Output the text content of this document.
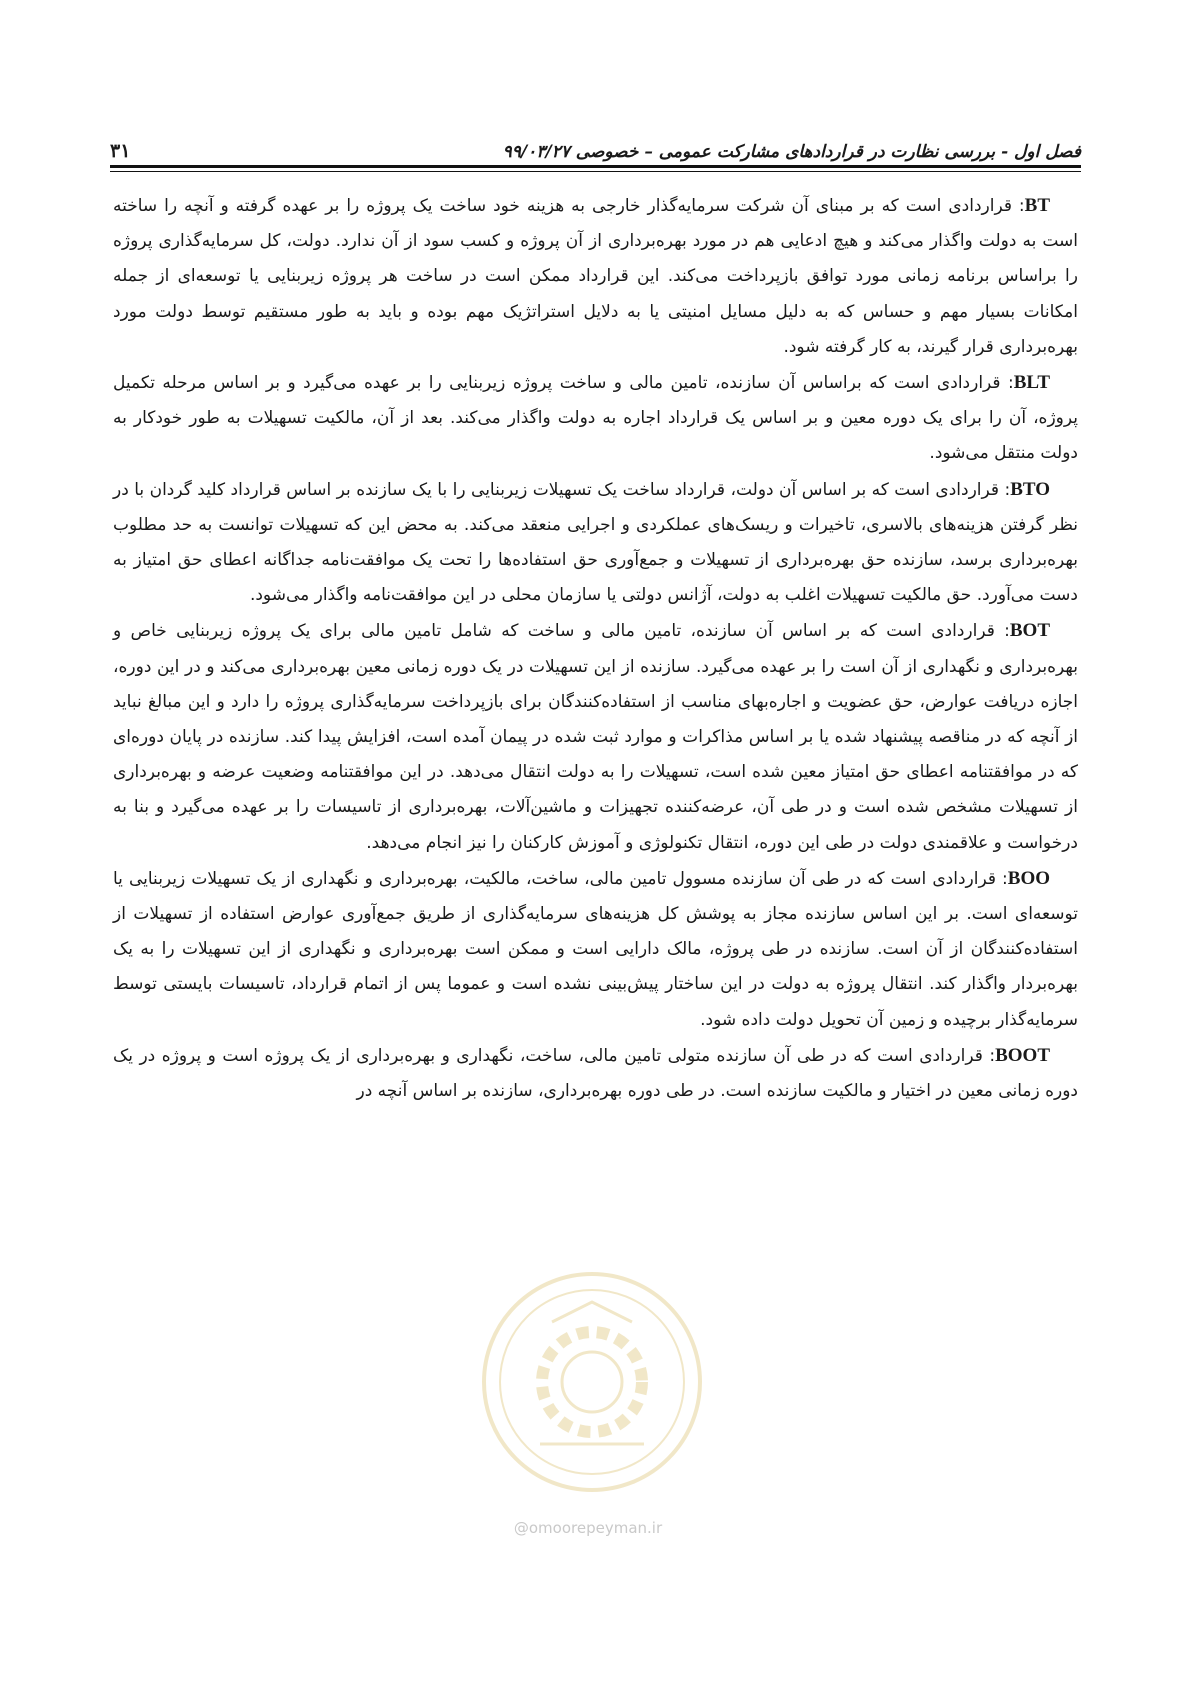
فصل اول - بررسی نظارت در قراردادهای مشارکت عمومی – خصوصی ۹۹/۰۳/۲۷
۳۱

BT: قراردادی است که بر مبنای آن شرکت سرمایه‌گذار خارجی به هزینه خود ساخت یک پروژه را بر عهده گرفته و آنچه را ساخته است به دولت واگذار می‌کند و هیچ ادعایی هم در مورد بهره‌برداری از آن پروژه و کسب سود از آن ندارد. دولت، کل سرمایه‌گذاری پروژه را براساس برنامه زمانی مورد توافق بازپرداخت می‌کند. این قرارداد ممکن است در ساخت هر پروژه زیربنایی یا توسعه‌ای از جمله امکانات بسیار مهم و حساس که به دلیل مسایل امنیتی یا به دلایل استراتژیک مهم بوده و باید به طور مستقیم توسط دولت مورد بهره‌برداری قرار گیرند، به کار گرفته شود.

BLT: قراردادی است که براساس آن سازنده، تامین مالی و ساخت پروژه زیربنایی را بر عهده می‌گیرد و بر اساس مرحله تکمیل پروژه، آن را برای یک دوره معین و بر اساس یک قرارداد اجاره به دولت واگذار می‌کند. بعد از آن، مالکیت تسهیلات به طور خودکار به دولت منتقل می‌شود.

BTO: قراردادی است که بر اساس آن دولت، قرارداد ساخت یک تسهیلات زیربنایی را با یک سازنده بر اساس قرارداد کلید گردان با در نظر گرفتن هزینه‌های بالاسری، تاخیرات و ریسک‌های عملکردی و اجرایی منعقد می‌کند. به محض این که تسهیلات توانست به حد مطلوب بهره‌برداری برسد، سازنده حق بهره‌برداری از تسهیلات و جمع‌آوری حق استفاده‌ها را تحت یک موافقت‌نامه جداگانه اعطای حق امتیاز به دست می‌آورد. حق مالکیت تسهیلات اغلب به دولت، آژانس دولتی یا سازمان محلی در این موافقت‌نامه واگذار می‌شود.

BOT: قراردادی است که بر اساس آن سازنده، تامین مالی و ساخت که شامل تامین مالی برای یک پروژه زیربنایی خاص و بهره‌برداری و نگهداری از آن است را بر عهده می‌گیرد. سازنده از این تسهیلات در یک دوره زمانی معین بهره‌برداری می‌کند و در این دوره، اجازه دریافت عوارض، حق عضویت و اجاره‌بهای مناسب از استفاده‌کنندگان برای بازپرداخت سرمایه‌گذاری پروژه را دارد و این مبالغ نباید از آنچه که در مناقصه پیشنهاد شده یا بر اساس مذاکرات و موارد ثبت شده در پیمان آمده است، افزایش پیدا کند. سازنده در پایان دوره‌ای که در موافقتنامه اعطای حق امتیاز معین شده است، تسهیلات را به دولت انتقال می‌دهد. در این موافقتنامه وضعیت عرضه و بهره‌برداری از تسهیلات مشخص شده است و در طی آن، عرضه‌کننده تجهیزات و ماشین‌آلات، بهره‌برداری از تاسیسات را بر عهده می‌گیرد و بنا به درخواست و علاقمندی دولت در طی این دوره، انتقال تکنولوژی و آموزش کارکنان را نیز انجام می‌دهد.

BOO: قراردادی است که در طی آن سازنده مسوول تامین مالی، ساخت، مالکیت، بهره‌برداری و نگهداری از یک تسهیلات زیربنایی یا توسعه‌ای است. بر این اساس سازنده مجاز به پوشش کل هزینه‌های سرمایه‌گذاری از طریق جمع‌آوری عوارض استفاده از تسهیلات از استفاده‌کنندگان از آن است. سازنده در طی پروژه، مالک دارایی است و ممکن است بهره‌برداری و نگهداری از این تسهیلات را به یک بهره‌بردار واگذار کند. انتقال پروژه به دولت در این ساختار پیش‌بینی نشده است و عموما پس از اتمام قرارداد، تاسیسات بایستی توسط سرمایه‌گذار برچیده و زمین آن تحویل دولت داده شود.

BOOT: قراردادی است که در طی آن سازنده متولی تامین مالی، ساخت، نگهداری و بهره‌برداری از یک پروژه است و پروژه در یک دوره زمانی معین در اختیار و مالکیت سازنده است. در طی دوره بهره‌برداری، سازنده بر اساس آنچه در

@omoorepeyman.ir
